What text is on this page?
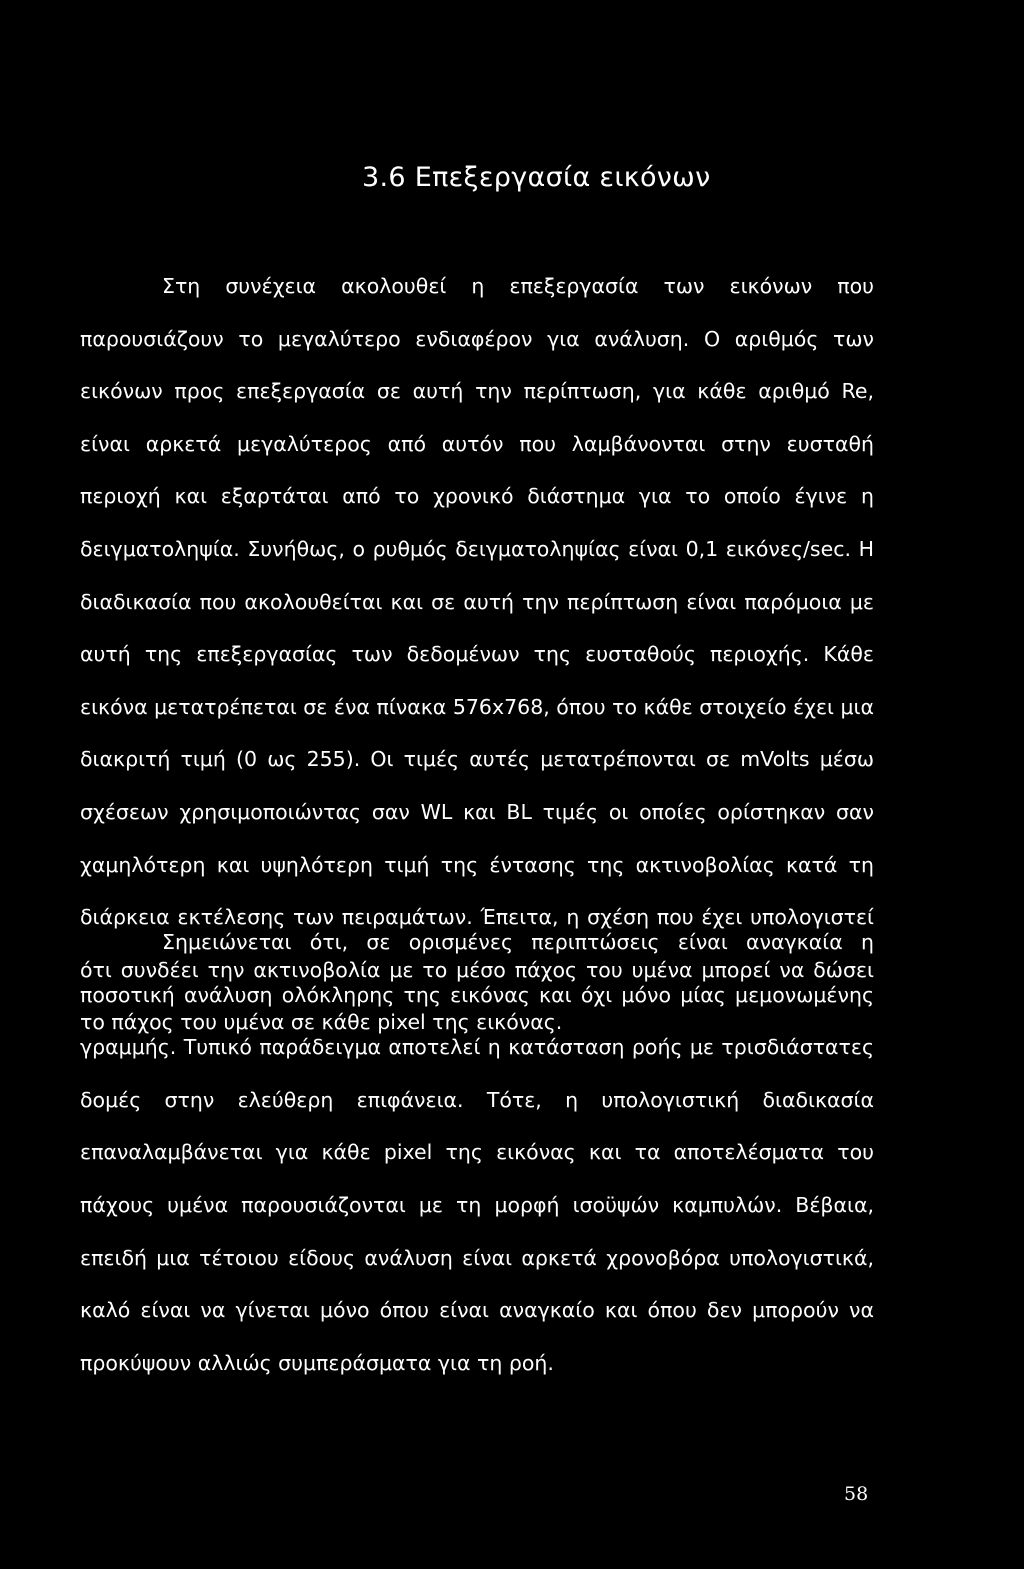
3.6 Επεξεργασία εικόνων

Στη συνέχεια ακολουθεί η επεξεργασία των εικόνων που παρουσιάζουν το μεγαλύτερο ενδιαφέρον για ανάλυση. Ο αριθμός των εικόνων προς επεξεργασία σε αυτή την περίπτωση, για κάθε αριθμό Re, είναι αρκετά μεγαλύτερος από αυτόν που λαμβάνονται στην ευσταθή περιοχή και εξαρτάται από το χρονικό διάστημα για το οποίο έγινε η δειγματοληψία. Συνήθως, ο ρυθμός δειγματοληψίας είναι 0,1 εικόνες/sec. Η διαδικασία που ακολουθείται και σε αυτή την περίπτωση είναι παρόμοια με αυτή της επεξεργασίας των δεδομένων της ευσταθούς περιοχής. Κάθε εικόνα μετατρέπεται σε ένα πίνακα 576x768, όπου το κάθε στοιχείο έχει μια διακριτή τιμή (0 ως 255). Οι τιμές αυτές μετατρέπονται σε mVolts μέσω σχέσεων χρησιμοποιώντας σαν WL και BL τιμές οι οποίες ορίστηκαν σαν χαμηλότερη και υψηλότερη τιμή της έντασης της ακτινοβολίας κατά τη διάρκεια εκτέλεσης των πειραμάτων. Έπειτα, η σχέση που έχει υπολογιστεί ότι συνδέει την ακτινοβολία με το μέσο πάχος του υμένα μπορεί να δώσει το πάχος του υμένα σε κάθε pixel της εικόνας.

Σημειώνεται ότι, σε ορισμένες περιπτώσεις είναι αναγκαία η ποσοτική ανάλυση ολόκληρης της εικόνας και όχι μόνο μίας μεμονωμένης γραμμής. Τυπικό παράδειγμα αποτελεί η κατάσταση ροής με τρισδιάστατες δομές στην ελεύθερη επιφάνεια. Τότε, η υπολογιστική διαδικασία επαναλαμβάνεται για κάθε pixel της εικόνας και τα αποτελέσματα του πάχους υμένα παρουσιάζονται με τη μορφή ισοϋψών καμπυλών. Βέβαια, επειδή μια τέτοιου είδους ανάλυση είναι αρκετά χρονοβόρα υπολογιστικά, καλό είναι να γίνεται μόνο όπου είναι αναγκαίο και όπου δεν μπορούν να προκύψουν αλλιώς συμπεράσματα για τη ροή.

58
